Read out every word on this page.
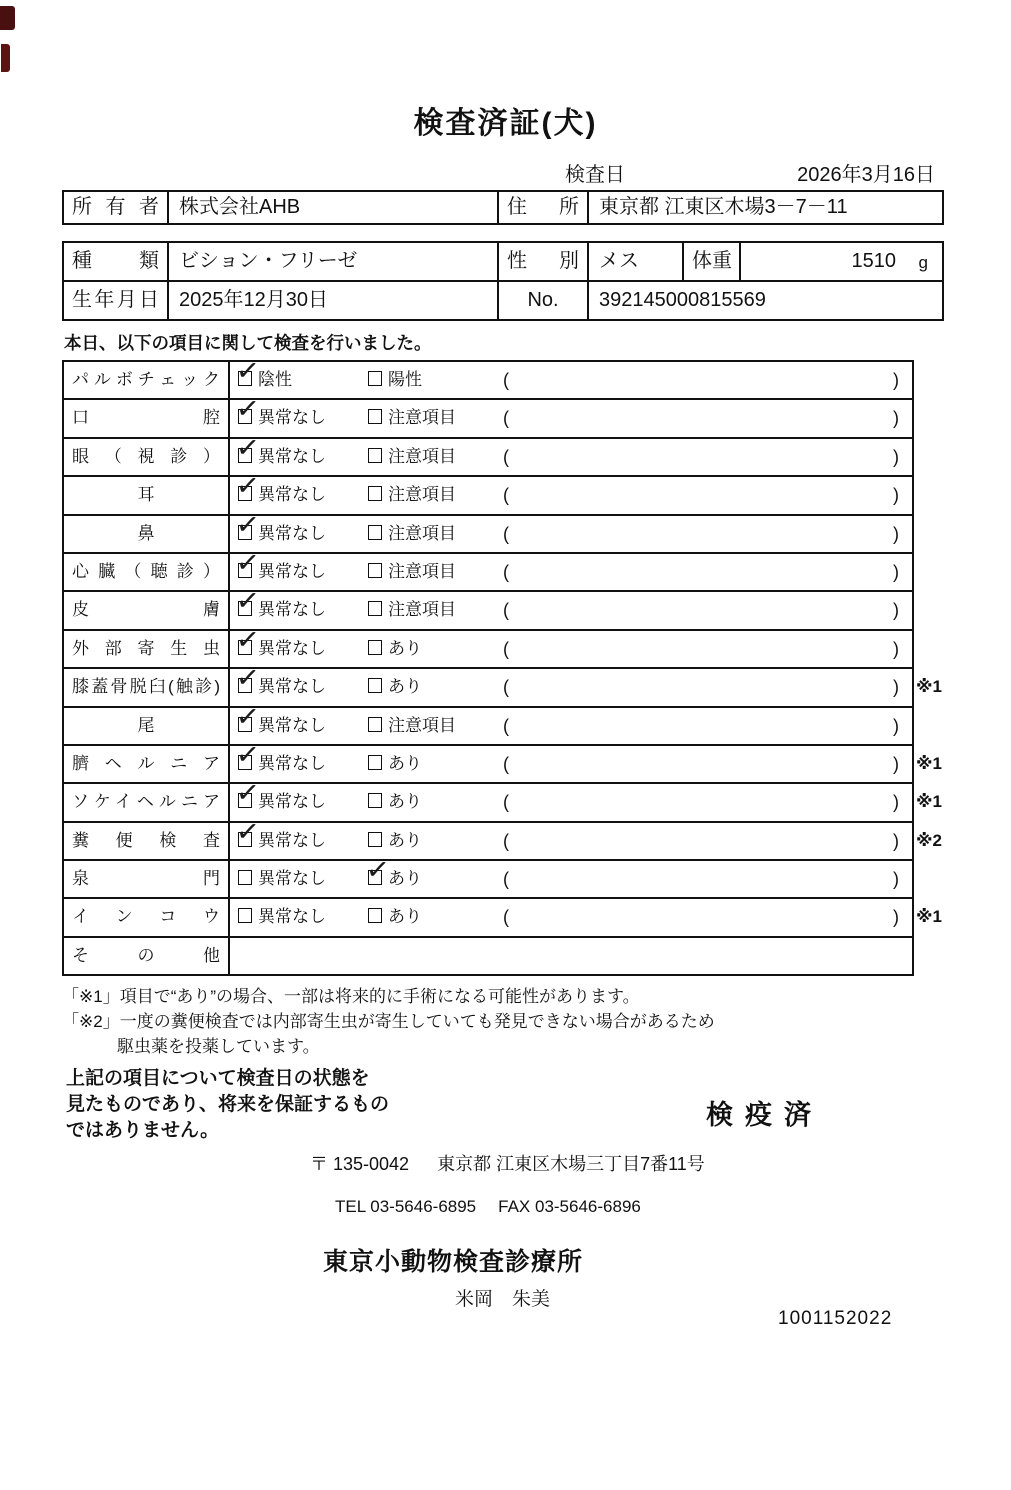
検査済証(犬)
検査日	2026年3月16日
所有者	株式会社AHB	住所	東京都 江東区木場3－7－11
種類	ビション・フリーゼ	性別	メス	体重	1510 g
生年月日	2025年12月30日	No.	392145000815569
本日、以下の項目に関して検査を行いました。
パルボチェック ✓	陰性	陽性	(	)
口腔 ✓	異常なし	注意項目	(	)
眼（視診） ✓	異常なし	注意項目	(	)
耳 ✓	異常なし	注意項目	(	)
鼻 ✓	異常なし	注意項目	(	)
心臓（聴診） ✓	異常なし	注意項目	(	)
皮膚 ✓	異常なし	注意項目	(	)
外部寄生虫 ✓	異常なし	あり	(	)
膝蓋骨脱臼(触診) ✓	異常なし	あり	(	) ※1
尾 ✓	異常なし	注意項目	(	)
臍ヘルニア ✓	異常なし	あり	(	) ※1
ソケイヘルニア ✓	異常なし	あり	(	) ※1
糞便検査 ✓	異常なし	あり	(	) ※2
泉門	異常なし ✓	あり	(	)
インコウ	異常なし	あり	(	) ※1
その他
「※1」項目で“あり”の場合、一部は将来的に手術になる可能性があります。
「※2」一度の糞便検査では内部寄生虫が寄生していても発見できない場合があるため
駆虫薬を投薬しています。
上記の項目について検査日の状態を
見たものであり、将来を保証するもの
ではありません。
検疫済
〒 135-0042 東京都 江東区木場三丁目7番11号
TEL 03-5646-6895 FAX 03-5646-6896
東京小動物検査診療所
米岡　朱美
1001152022
